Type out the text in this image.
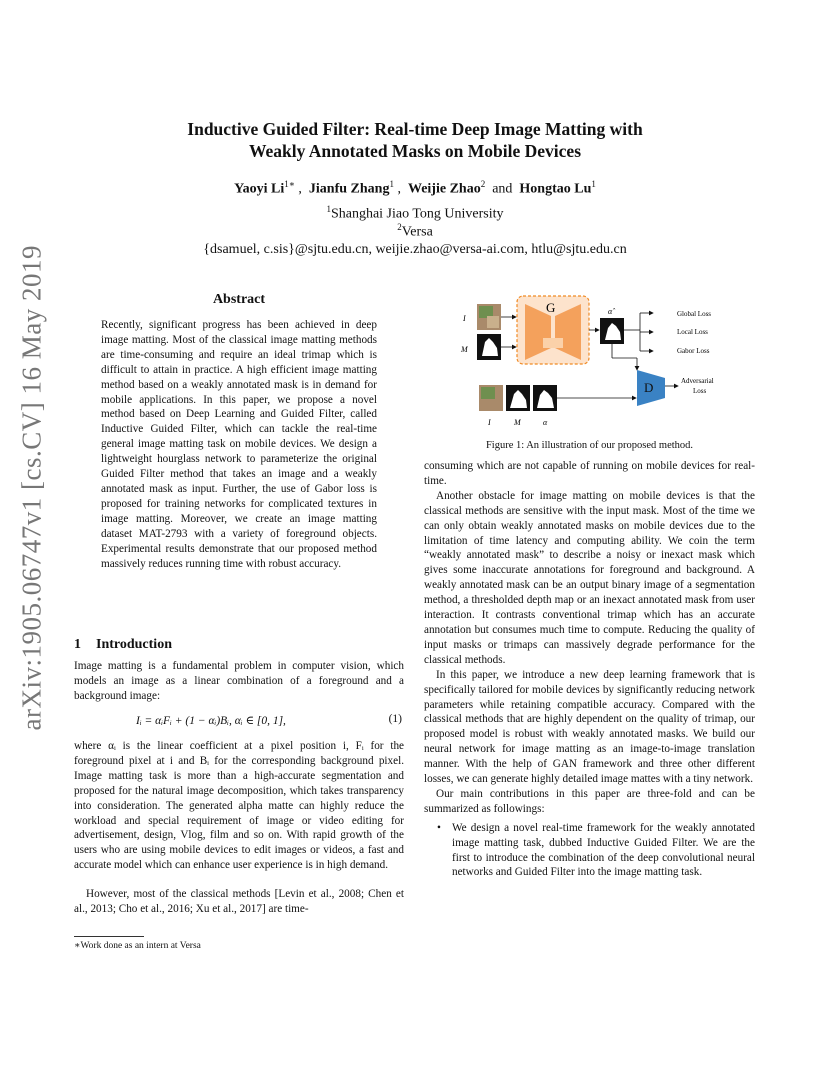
arXiv:1905.06747v1 [cs.CV] 16 May 2019
Inductive Guided Filter: Real-time Deep Image Matting with
Weakly Annotated Masks on Mobile Devices
Yaoyi $Li^{1∗}$ ,  Jianfu Zhang$^1$ ,  Weijie Zhao$^2$ and Hongtao Lu$^1$
$^1$Shanghai Jiao Tong University
$^2$Versa
{dsamuel, c.sis}@sjtu.edu.cn, weijie.zhao@versa-ai.com, htlu@sjtu.edu.cn
Abstract

Recently, significant progress has been achieved in deep image matting. Most of the classical image matting methods are time-consuming and require an ideal trimap which is difficult to attain in practice. A high efficient image matting method based on a weakly annotated mask is in demand for mobile applications. In this paper, we propose a novel method based on Deep Learning and Guided Filter, called Inductive Guided Filter, which can tackle the real-time general image matting task on mobile devices. We design a lightweight hourglass network to parameterize the original Guided Filter method that takes an image and a weakly annotated mask as input. Further, the use of Gabor loss is proposed for training networks for complicated textures in image matting. Moreover, we create an image matting dataset MAT-2793 with a variety of foreground objects. Experimental results demonstrate that our proposed method massively reduces running time with robust accuracy.

1 Introduction

Image matting is a fundamental problem in computer vision, which models an image as a linear combination of a foreground and a background image:

Iᵢ = αᵢFᵢ + (1 − αᵢ)Bᵢ, αᵢ ∈ [0, 1],	(1)

where αᵢ is the linear coefficient at a pixel position i, Fᵢ for the foreground pixel at i and Bᵢ for the corresponding background pixel. Image matting task is more than a high-accurate segmentation and proposed for the natural image decomposition, which takes transparency into consideration. The generated alpha matte can highly reduce the workload and special requirement of image or video editing for advertisement, design, Vlog, film and so on. With rapid growth of the users who are using mobile devices to edit images or videos, a fast and accurate model which can enhance user experience is in high demand.

However, most of the classical methods [Levin et al., 2008; Chen et al., 2013; Cho et al., 2016; Xu et al., 2017] are time-

∗Work done as an intern at Versa
I
M
G	α̂	Global Loss
Local Loss
Gabor Loss
D	Adversarial
Loss
I	M	α
Figure 1: An illustration of our proposed method.

consuming which are not capable of running on mobile devices for real-time.

Another obstacle for image matting on mobile devices is that the classical methods are sensitive with the input mask. Most of the time we can only obtain weakly annotated masks on mobile devices due to the limitation of time latency and computing ability. We coin the term “weakly annotated mask” to describe a noisy or inexact mask which gives some inaccurate annotations for foreground and background. A weakly annotated mask can be an output binary image of a segmentation method, a thresholded depth map or an inexact annotated mask from user interaction. It contrasts conventional trimap which has an accurate annotation but consumes much time to compute. Reducing the quality of input masks or trimaps can massively degrade performance for the classical methods.

In this paper, we introduce a new deep learning framework that is specifically tailored for mobile devices by significantly reducing network parameters while retaining compatible accuracy. Compared with the classical methods that are highly dependent on the quality of trimap, our proposed model is robust with weakly annotated masks. We build our neural network for image matting as an image-to-image translation manner. With the help of GAN framework and three other different losses, we can generate highly detailed image mattes with a tiny network.

Our main contributions in this paper are three-fold and can be summarized as followings:

• We design a novel real-time framework for the weakly annotated image matting task, dubbed Inductive Guided Filter. We are the first to introduce the combination of the deep convolutional neural networks and Guided Filter into the image matting task.
